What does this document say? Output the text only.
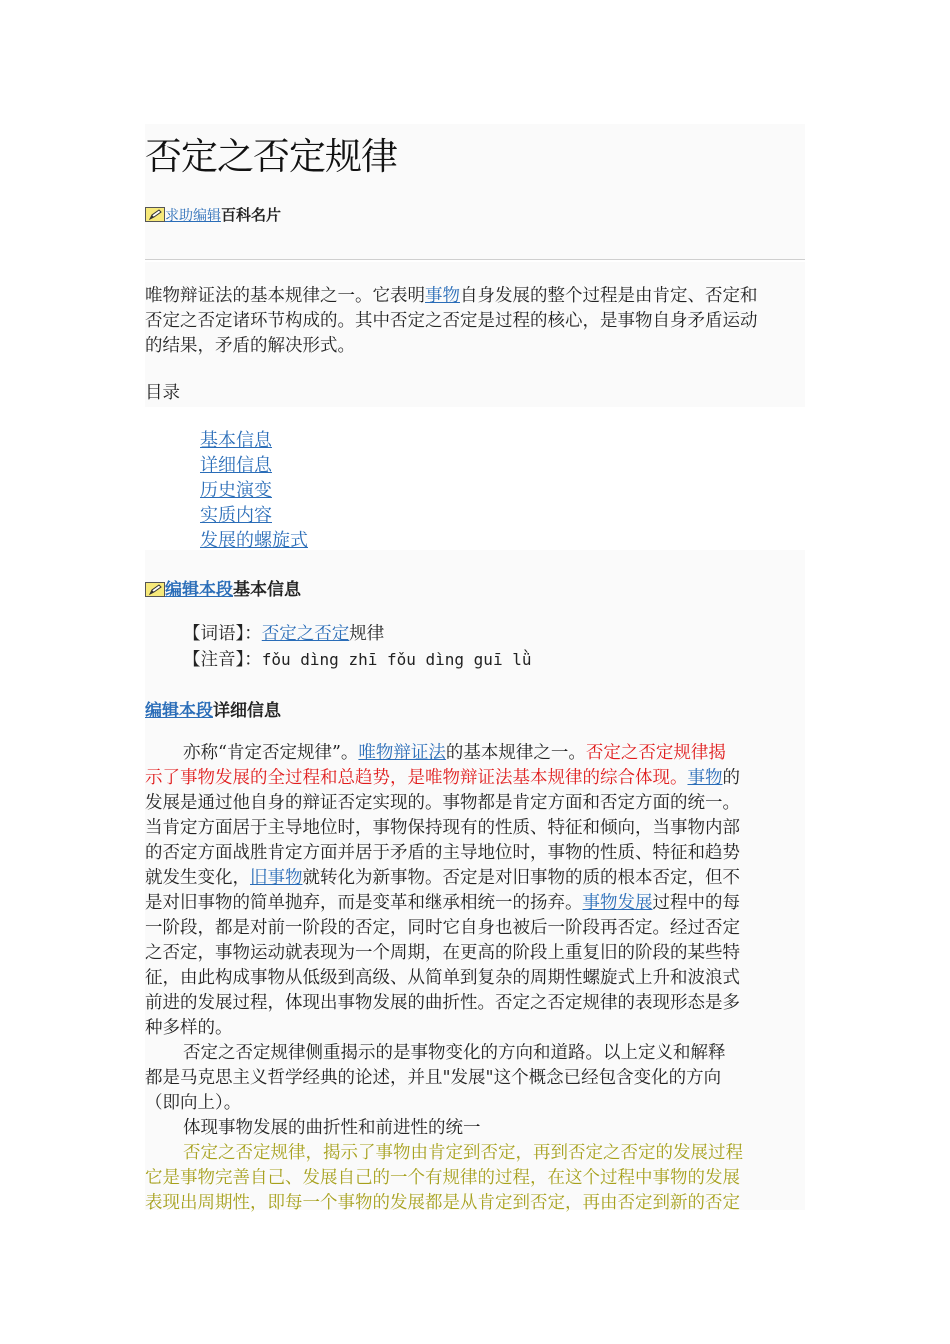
否定之否定规律
求助编辑百科名片
唯物辩证法的基本规律之一。它表明事物自身发展的整个过程是由肯定、否定和
否定之否定诸环节构成的。其中否定之否定是过程的核心，是事物自身矛盾运动
的结果，矛盾的解决形式。
目录
基本信息
详细信息
历史演变
实质内容
发展的螺旋式
编辑本段基本信息
【词语】：否定之否定规律
【注音】：fǒu dìng zhī fǒu dìng guī lǜ
编辑本段详细信息
亦称“肯定否定规律”。唯物辩证法的基本规律之一。否定之否定规律揭
示了事物发展的全过程和总趋势，是唯物辩证法基本规律的综合体现。事物的
发展是通过他自身的辩证否定实现的。事物都是肯定方面和否定方面的统一。
当肯定方面居于主导地位时，事物保持现有的性质、特征和倾向，当事物内部
的否定方面战胜肯定方面并居于矛盾的主导地位时，事物的性质、特征和趋势
就发生变化，旧事物就转化为新事物。否定是对旧事物的质的根本否定，但不
是对旧事物的简单抛弃，而是变革和继承相统一的扬弃。事物发展过程中的每
一阶段，都是对前一阶段的否定，同时它自身也被后一阶段再否定。经过否定
之否定，事物运动就表现为一个周期，在更高的阶段上重复旧的阶段的某些特
征，由此构成事物从低级到高级、从简单到复杂的周期性螺旋式上升和波浪式
前进的发展过程，体现出事物发展的曲折性。否定之否定规律的表现形态是多
种多样的。
否定之否定规律侧重揭示的是事物变化的方向和道路。以上定义和解释
都是马克思主义哲学经典的论述，并且"发展"这个概念已经包含变化的方向
（即向上）。
体现事物发展的曲折性和前进性的统一
否定之否定规律，揭示了事物由肯定到否定，再到否定之否定的发展过程
它是事物完善自己、发展自己的一个有规律的过程，在这个过程中事物的发展
表现出周期性，即每一个事物的发展都是从肯定到否定，再由否定到新的否定
